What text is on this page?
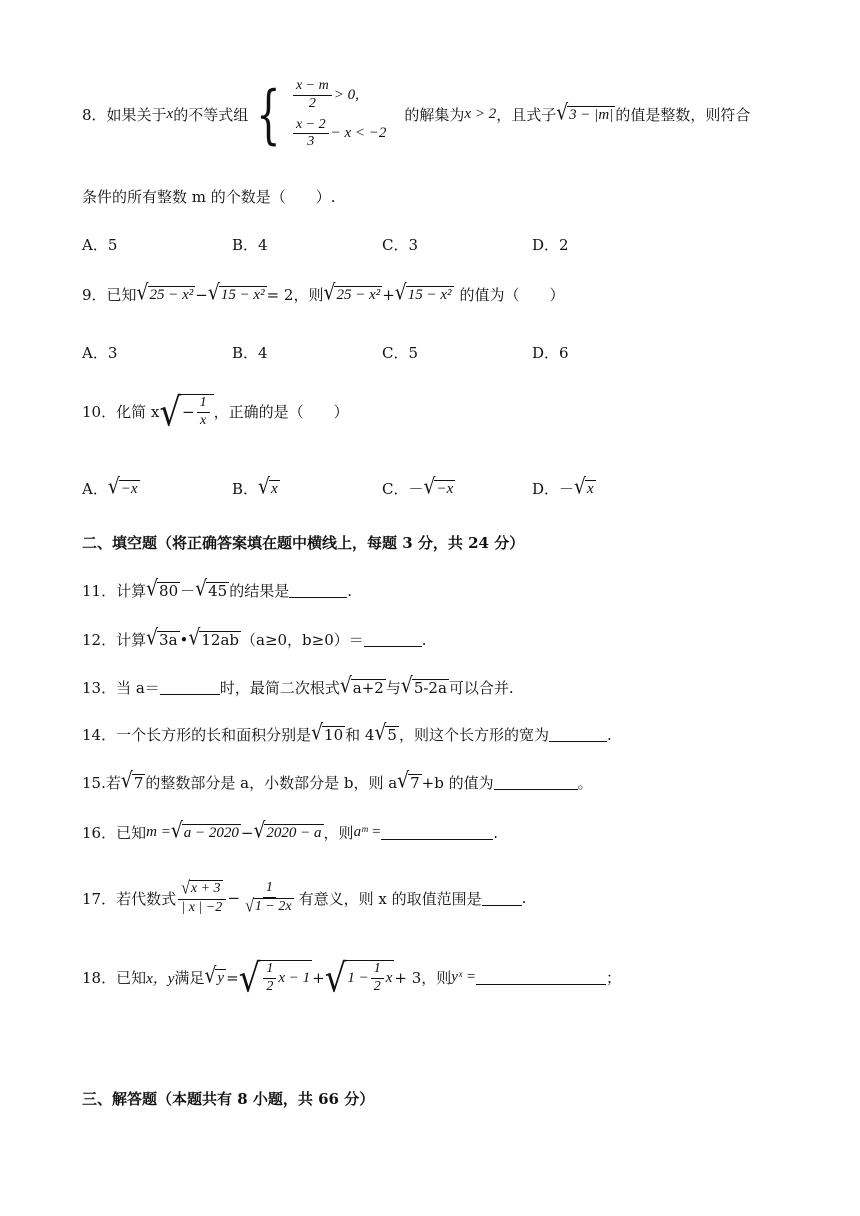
8．如果关于 x 的不等式组 { $\frac{x - m}{2} > 0$,
$\frac{x - 2}{3} - x < -2$
的解集为 x > 2 ，且式子 √ 3 − |m| 的值是整数，则符合
条件的所有整数 m 的个数是（　　）.
A．5	B．4	C．3	D．2
9．已知 √ 25 − x² − √ 15 − x² = 2，则 √ 25 − x² + √ 15 − x² 的值为（　　）
A．3	B．4	C．5	D．6
10．化简 x √ − $\frac{1}{x}$ ，正确的是（　　）
A． √ −x	B． √ x	C． － √ −x	D． － √ x
二、填空题（将正确答案填在题中横线上，每题 3 分，共 24 分）
11．计算 √ 80 － √ 45 的结果是	.
12．计算 √ 3a • √ 12ab （a≥0，b≥0）＝	.
13．当 a＝	时，最简二次根式 √ a+2 与 √ 5-2a 可以合并.
14．一个长方形的长和面积分别是 √ 10 和 4 √ 5 ，则这个长方形的宽为	.
15.若 √ 7 的整数部分是 a，小数部分是 b，则 a √ 7 +b 的值为	。
16．已知 m = √ a − 2020 − √ 2020 − a ，则 aᵐ =	.
17．若代数式 $\frac{√ x + 3}{| x | -2} - \frac{1}{√ 1 - 2x}$ 有意义，则 x 的取值范围是	.
18．已知 x，y 满足 √ y = √ $\frac{1}{2}$ x − 1 + √ $1 - \frac{1}{2}$ x + 3，则 yˣ =	；
三、解答题（本题共有 8 小题，共 66 分）
